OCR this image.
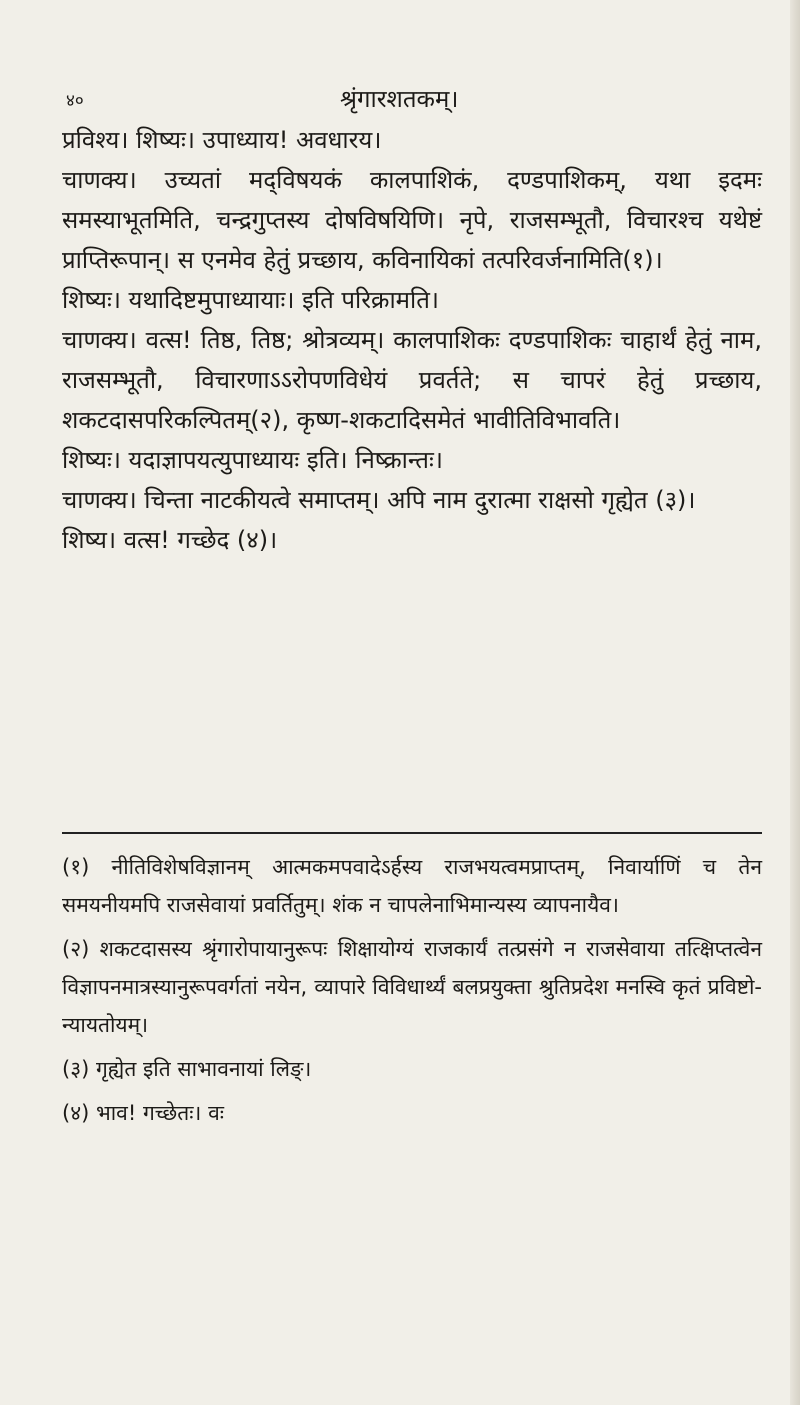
४०	श्रृंगारशतकम्।

प्रविश्य। शिष्यः। उपाध्याय! अवधारय।

चाणक्य। उच्यतां मद्‌विषयकं कालपाशिकं, दण्डपाशिकम्, यथा इदमः समस्याभूतमिति, चन्द्रगुप्तस्य दोषविषयिणि। नृपे, राजसम्भूतौ, विचारश्च यथेष्टं प्राप्तिरूपान्। स एनमेव हेतुं प्रच्छाय, कविनायिकां तत्परिवर्जनामिति(१)।

शिष्यः। यथादिष्टमुपाध्यायाः। इति परिक्रामति।

चाणक्य। वत्स! तिष्ठ, तिष्ठ; श्रोत्रव्यम्। कालपाशिकः दण्डपाशिकः चाहार्थं हेतुं नाम, राजसम्भूतौ, विचारणाऽऽरोपणविधेयं प्रवर्तते; स चापरं हेतुं प्रच्छाय, शकटदासपरिकल्पितम्(२), कृष्ण-शकटादिसमेतं भावीतिविभावति।

शिष्यः। यदाज्ञापयत्युपाध्यायः इति। निष्क्रान्तः।

चाणक्य। चिन्ता नाटकीयत्वे समाप्तम्। अपि नाम दुरात्मा राक्षसो गृह्येत (३)।

शिष्य। वत्स! गच्छेद (४)।

(१) नीतिविशेषविज्ञानम् आत्मकमपवादेऽर्हस्य राजभयत्वमप्राप्तम्, निवार्याणिं च तेन समयनीयमपि राजसेवायां प्रवर्तितुम्। शंक न चापलेनाभिमान्यस्य व्यापनायैव।

(२) शकटदासस्य श्रृंगारोपायानुरूपः शिक्षायोग्यं राजकार्यं तत्प्रसंगे न राजसेवाया तत्क्षिप्तत्वेन विज्ञापनमात्रस्यानुरूपवर्गतां नयेन, व्यापारे विविधार्थ्यं बलप्रयुक्ता श्रुतिप्रदेश मनस्वि कृतं प्रविष्टो-न्यायतोयम्।

(३) गृह्येत इति साभावनायां लिङ्।

(४) भाव! गच्छेतः। वः
